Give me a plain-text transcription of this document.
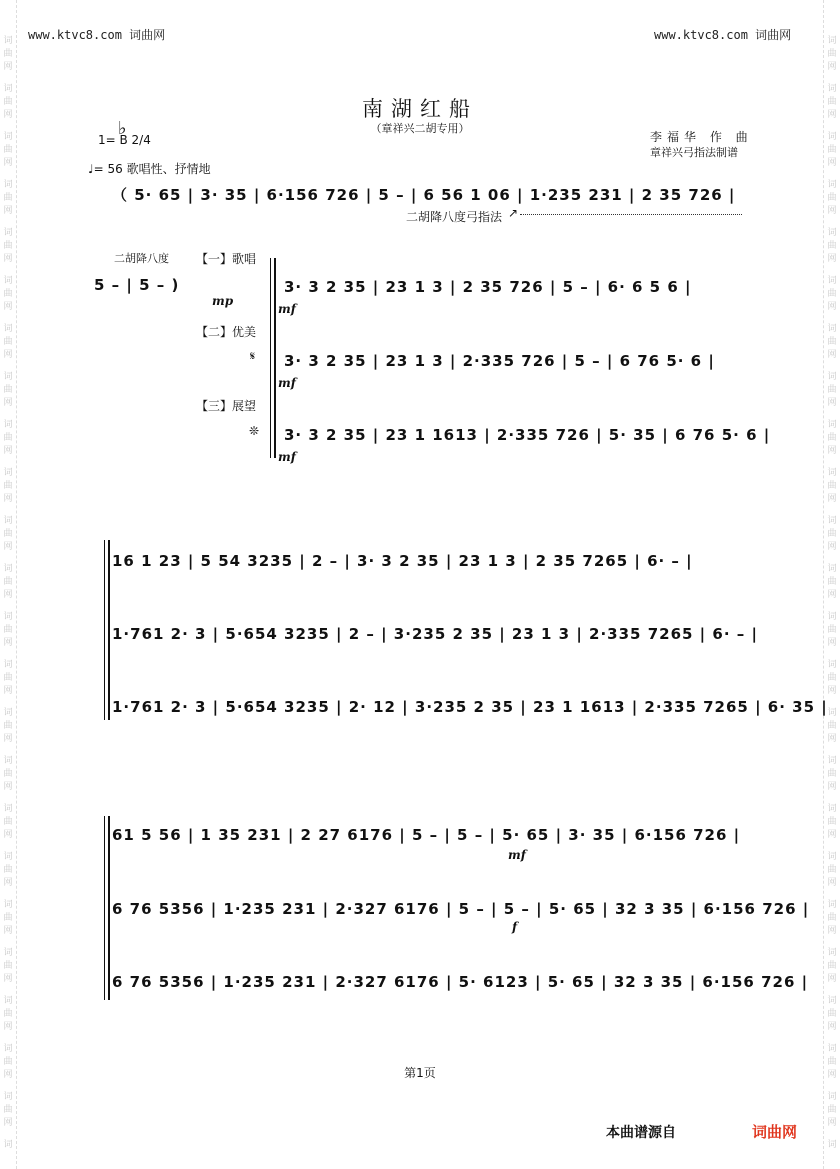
词
曲
网
词
曲
网
词
曲
网
词
曲
网
词
曲
网
词
曲
网
词
曲
网
词
曲
网
词
曲
网
词
曲
网
词
曲
网
词
曲
网
词
曲
网
词
曲
网
词
曲
网
词
曲
网
词
曲
网
词
曲
网
词
曲
网
词
曲
网
词
曲
网
词
曲
网
词
曲
网
词
词
曲
网
词
曲
网
词
曲
网
词
曲
网
词
曲
网
词
曲
网
词
曲
网
词
曲
网
词
曲
网
词
曲
网
词
曲
网
词
曲
网
词
曲
网
词
曲
网
词
曲
网
词
曲
网
词
曲
网
词
曲
网
词
曲
网
词
曲
网
词
曲
网
词
曲
网
词
曲
网
词
www.ktvc8.com 词曲网	www.ktvc8.com 词曲网
南湖红船
（章祥兴二胡专用）
李福华 作 曲
章祥兴弓指法制谱
♭
1= B 2/4
♩= 56 歌唱性、抒情地
（ 5· 65 | 3· 35 | 6·156 726 | 5 – | 6 56 1 06 | 1·235 231 | 2 35 726 |
二胡降八度弓指法 ↗
二胡降八度
5 – | 5 – )
mp
【一】歌唱
【二】优美
𝄋
【三】展望
❊
3· 3 2 35 | 23 1 3 | 2 35 726 | 5 – | 6· 6 5 6 |
3· 3 2 35 | 23 1 3 | 2·335 726 | 5 – | 6 76 5· 6 |
3· 3 2 35 | 23 1 1613 | 2·335 726 | 5· 35 | 6 76 5· 6 |
mf
mf
mf
16 1 23 | 5 54 3235 | 2 – | 3· 3 2 35 | 23 1 3 | 2 35 7265 | 6· – |
1·761 2· 3 | 5·654 3235 | 2 – | 3·235 2 35 | 23 1 3 | 2·335 7265 | 6· – |
1·761 2· 3 | 5·654 3235 | 2· 12 | 3·235 2 35 | 23 1 1613 | 2·335 7265 | 6· 35 |
61 5 56 | 1 35 231 | 2 27 6176 | 5 – | 5 – | 5· 65 | 3· 35 | 6·156 726 |
6 76 5356 | 1·235 231 | 2·327 6176 | 5 – | 5 – | 5· 65 | 32 3 35 | 6·156 726 |
6 76 5356 | 1·235 231 | 2·327 6176 | 5· 6123 | 5· 65 | 32 3 35 | 6·156 726 |
mf
f
第1页
本曲谱源自	词曲网
